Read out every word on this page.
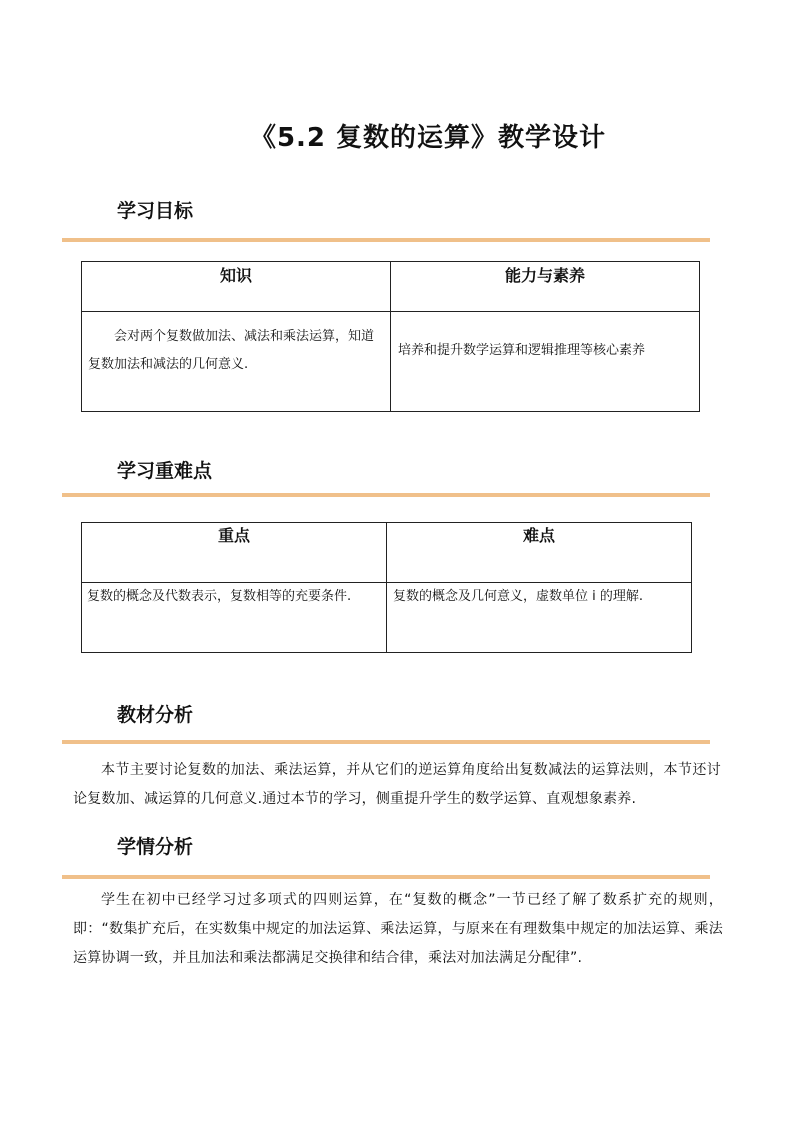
《5.2 复数的运算》教学设计
学习目标
知识	能力与素养

会对两个复数做加法、减法和乘法运算，知道复数加法和减法的几何意义.	培养和提升数学运算和逻辑推理等核心素养
学习重难点
重点	难点

复数的概念及代数表示，复数相等的充要条件.	复数的概念及几何意义，虚数单位 i 的理解.
教材分析
本节主要讨论复数的加法、乘法运算，并从它们的逆运算角度给出复数减法的运算法则，本节还讨论复数加、减运算的几何意义.通过本节的学习，侧重提升学生的数学运算、直观想象素养.
学情分析
学生在初中已经学习过多项式的四则运算，在“复数的概念”一节已经了解了数系扩充的规则，即：“数集扩充后，在实数集中规定的加法运算、乘法运算，与原来在有理数集中规定的加法运算、乘法运算协调一致，并且加法和乘法都满足交换律和结合律，乘法对加法满足分配律”.
